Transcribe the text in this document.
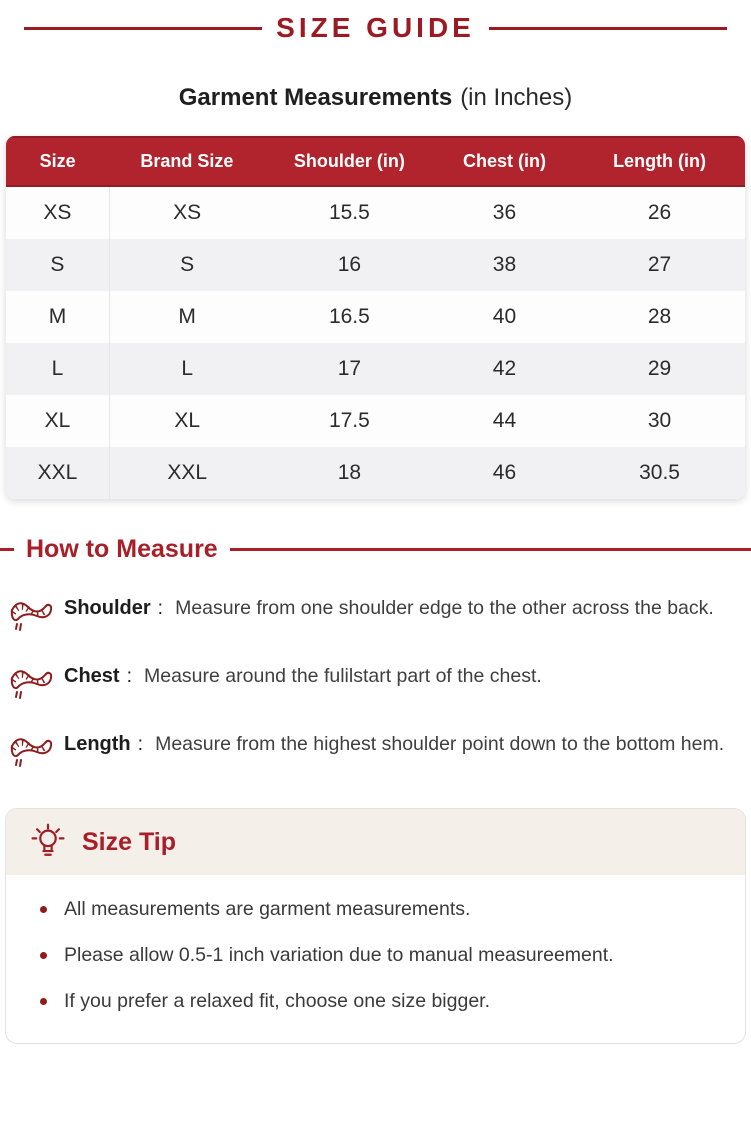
SIZE GUIDE
Garment Measurements (in Inches)
Size	Brand Size	Shoulder (in)	Chest (in)	Length (in)
XS	XS	15.5	36	26
S	S	16	38	27
M	M	16.5	40	28
L	L	17	42	29
XL	XL	17.5	44	30
XXL	XXL	18	46	30.5
How to Measure
Shoulder : Measure from one shoulder edge to the other across the back.
Chest : Measure around the fulilstart part of the chest.
Length : Measure from the highest shoulder point down to the bottom hem.
Size Tip
All measurements are garment measurements.
Please allow 0.5-1 inch variation due to manual measureement.
If you prefer a relaxed fit, choose one size bigger.
